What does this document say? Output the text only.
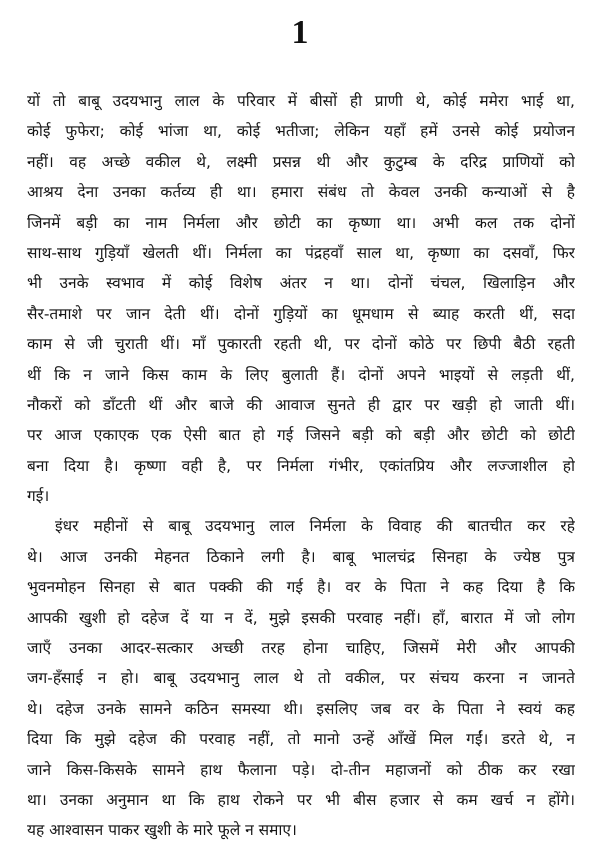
1
यों तो बाबू उदयभानु लाल के परिवार में बीसों ही प्राणी थे, कोई ममेरा भाई था,
कोई फुफेरा; कोई भांजा था, कोई भतीजा; लेकिन यहाँ हमें उनसे कोई प्रयोजन
नहीं। वह अच्छे वकील थे, लक्ष्मी प्रसन्न थी और कुटुम्ब के दरिद्र प्राणियों को
आश्रय देना उनका कर्तव्य ही था। हमारा संबंध तो केवल उनकी कन्याओं से है
जिनमें बड़ी का नाम निर्मला और छोटी का कृष्णा था। अभी कल तक दोनों
साथ-साथ गुड़ियाँ खेलती थीं। निर्मला का पंद्रहवाँ साल था, कृष्णा का दसवाँ, फिर
भी उनके स्वभाव में कोई विशेष अंतर न था। दोनों चंचल, खिलाड़िन और
सैर-तमाशे पर जान देती थीं। दोनों गुड़ियों का धूमधाम से ब्याह करती थीं, सदा
काम से जी चुराती थीं। माँ पुकारती रहती थी, पर दोनों कोठे पर छिपी बैठी रहती
थीं कि न जाने किस काम के लिए बुलाती हैं। दोनों अपने भाइयों से लड़ती थीं,
नौकरों को डाँटती थीं और बाजे की आवाज सुनते ही द्वार पर खड़ी हो जाती थीं।
पर आज एकाएक एक ऐसी बात हो गई जिसने बड़ी को बड़ी और छोटी को छोटी
बना दिया है। कृष्णा वही है, पर निर्मला गंभीर, एकांतप्रिय और लज्जाशील हो
गई।
इंधर महीनों से बाबू उदयभानु लाल निर्मला के विवाह की बातचीत कर रहे
थे। आज उनकी मेहनत ठिकाने लगी है। बाबू भालचंद्र सिनहा के ज्येष्ठ पुत्र
भुवनमोहन सिनहा से बात पक्की की गई है। वर के पिता ने कह दिया है कि
आपकी खुशी हो दहेज दें या न दें, मुझे इसकी परवाह नहीं। हाँ, बारात में जो लोग
जाएँ उनका आदर-सत्कार अच्छी तरह होना चाहिए, जिसमें मेरी और आपकी
जग-हँसाई न हो। बाबू उदयभानु लाल थे तो वकील, पर संचय करना न जानते
थे। दहेज उनके सामने कठिन समस्या थी। इसलिए जब वर के पिता ने स्वयं कह
दिया कि मुझे दहेज की परवाह नहीं, तो मानो उन्हें आँखें मिल गईं। डरते थे, न
जाने किस-किसके सामने हाथ फैलाना पड़े। दो-तीन महाजनों को ठीक कर रखा
था। उनका अनुमान था कि हाथ रोकने पर भी बीस हजार से कम खर्च न होंगे।
यह आश्वासन पाकर खुशी के मारे फूले न समाए।
